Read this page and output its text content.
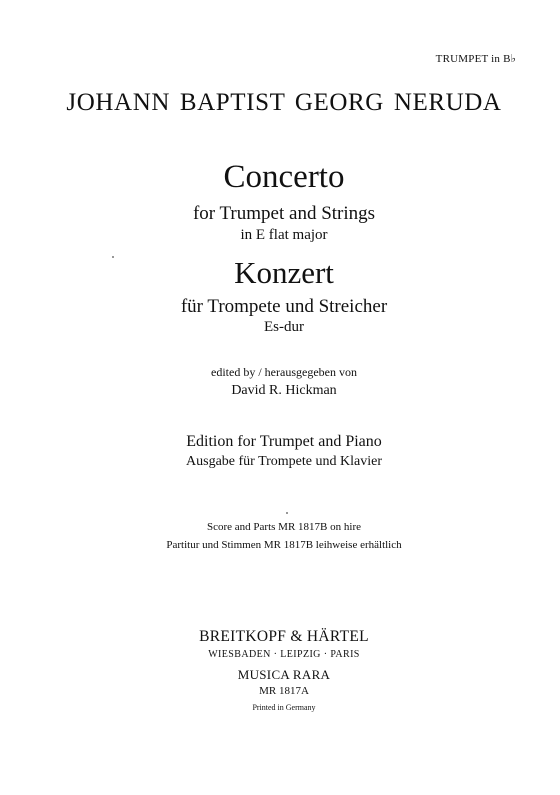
TRUMPET in B♭
JOHANN BAPTIST GEORG NERUDA
Concerto
for Trumpet and Strings
in E flat major
Konzert
für Trompete und Streicher
Es-dur
edited by / herausgegeben von
David R. Hickman
Edition for Trumpet and Piano
Ausgabe für Trompete und Klavier
Score and Parts MR 1817B on hire
Partitur und Stimmen MR 1817B leihweise erhältlich
BREITKOPF & HÄRTEL
WIESBADEN · LEIPZIG · PARIS
MUSICA RARA
MR 1817A
Printed in Germany
